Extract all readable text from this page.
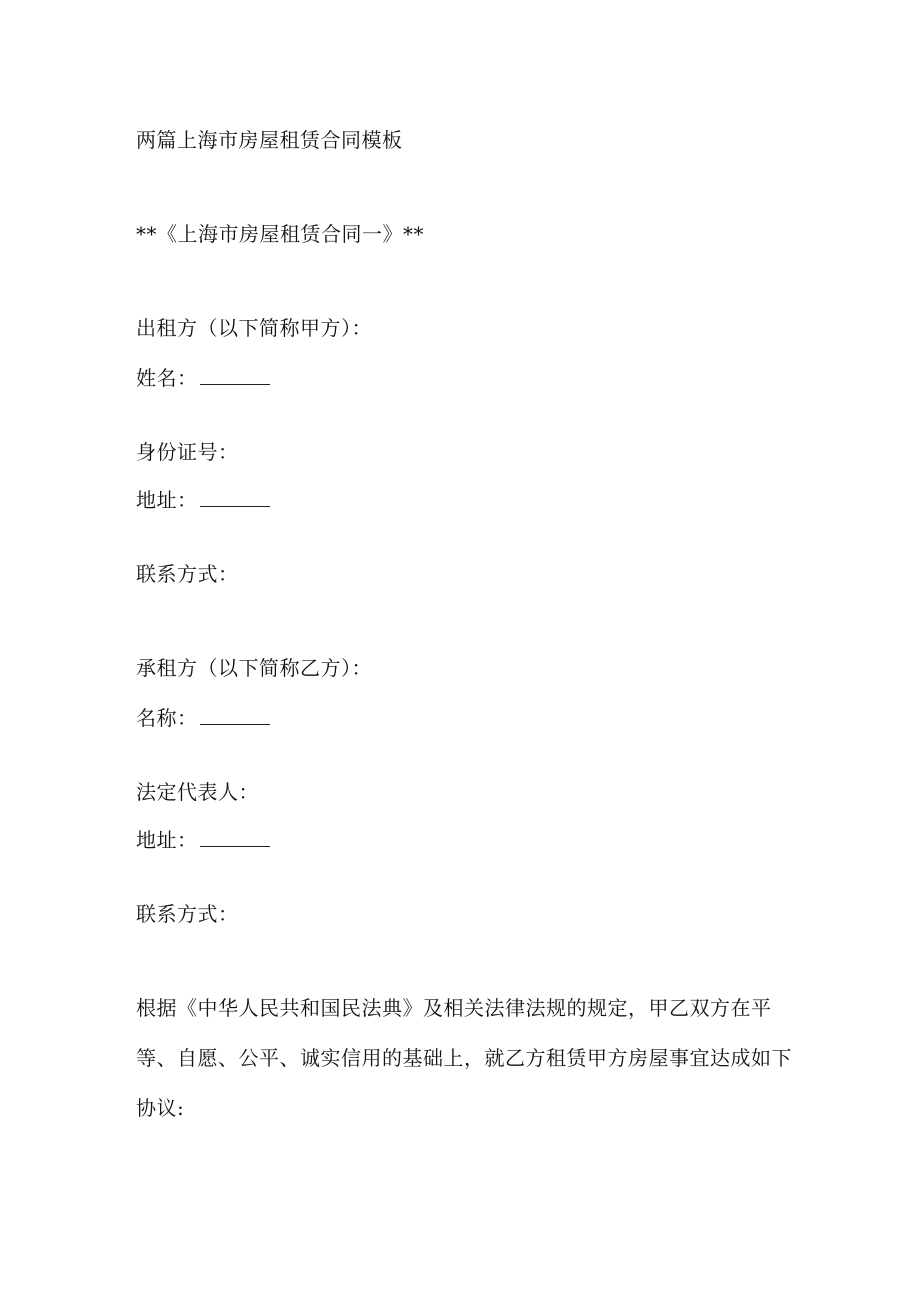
两篇上海市房屋租赁合同模板
**《上海市房屋租赁合同一》**
出租方（以下简称甲方）：
姓名：
身份证号：
地址：
联系方式：
承租方（以下简称乙方）：
名称：
法定代表人：
地址：
联系方式：
根据《中华人民共和国民法典》及相关法律法规的规定，甲乙双方在平
等、自愿、公平、诚实信用的基础上，就乙方租赁甲方房屋事宜达成如下
协议:
